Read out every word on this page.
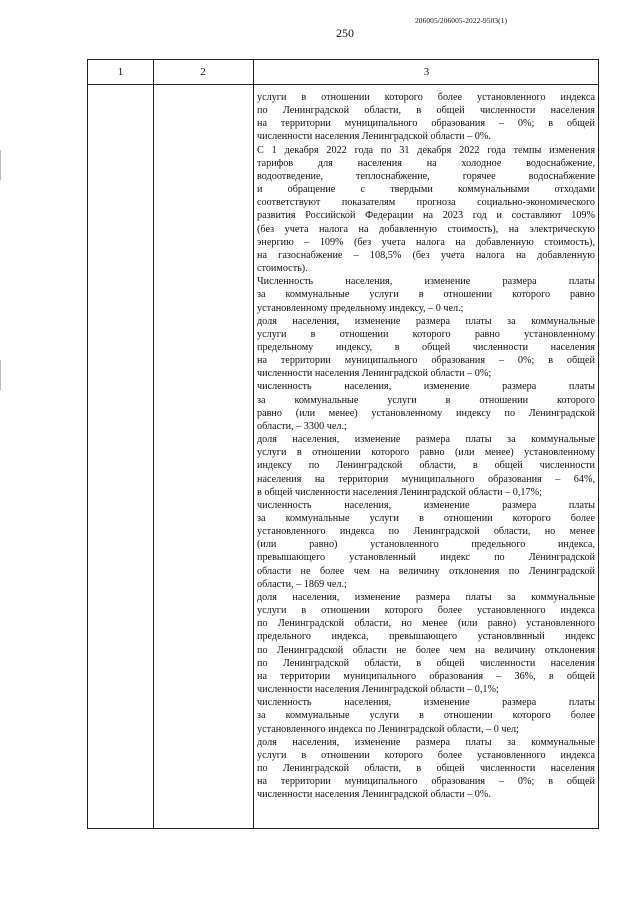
250
206005/206005-2022-9503(1)
1	2	3
услуги в отношении которого более установленного индекса
по Ленинградской области, в общей численности населения
на территории муниципального образования – 0%; в общей
численности населения Ленинградской области – 0%.
С 1 декабря 2022 года по 31 декабря 2022 года темпы изменения
тарифов для населения на холодное водоснабжение,
водоотведение, теплоснабжение, горячее водоснабжение
и обращение с твердыми коммунальными отходами
соответствуют показателям прогноза социально-экономического
развития Российской Федерации на 2023 год и составляют 109%
(без учета налога на добавленную стоимость), на электрическую
энергию – 109% (без учета налога на добавленную стоимость),
на газоснабжение – 108,5% (без учета налога на добавленную
стоимость).
Численность населения, изменение размера платы
за коммунальные услуги в отношении которого равно
установленному предельному индексу, – 0 чел.;
доля населения, изменение размера платы за коммунальные
услуги в отношении которого равно установленному
предельному индексу, в общей численности населения
на территории муниципального образования – 0%; в общей
численности населения Ленинградской области – 0%;
численность населения, изменение размера платы
за коммунальные услуги в отношении которого
равно (или менее) установленному индексу по Ленинградской
области, – 3300 чел.;
доля населения, изменение размера платы за коммунальные
услуги в отношении которого равно (или менее) установленному
индексу по Ленинградской области, в общей численности
населения на территории муниципального образования – 64%,
в общей численности населения Ленинградской области – 0,17%;
численность населения, изменение размера платы
за коммунальные услуги в отношении которого более
установленного индекса по Ленинградской области, но менее
(или равно) установленного предельного индекса,
превышающего установленный индекс по Ленинградской
области не более чем на величину отклонения по Ленинградской
области, – 1869 чел.;
доля населения, изменение размера платы за коммунальные
услуги в отношении которого более установленного индекса
по Ленинградской области, но менее (или равно) установленного
предельного индекса, превышающего установлвнный индекс
по Ленинградской области не более чем на величину отклонения
по Ленинградской области, в общей численности населения
на территории муниципального образования – 36%, в общей
численности населения Ленинградской области – 0,1%;
численность населения, изменение размера платы
за коммунальные услуги в отношении которого более
установленного индекса по Ленинградской области, – 0 чел;
доля населения, изменение размера платы за коммунальные
услуги в отношении которого более установленного индекса
по Ленинградской области, в общей численности населения
на территории муниципального образования – 0%; в общей
численности населения Ленинградской области – 0%.
